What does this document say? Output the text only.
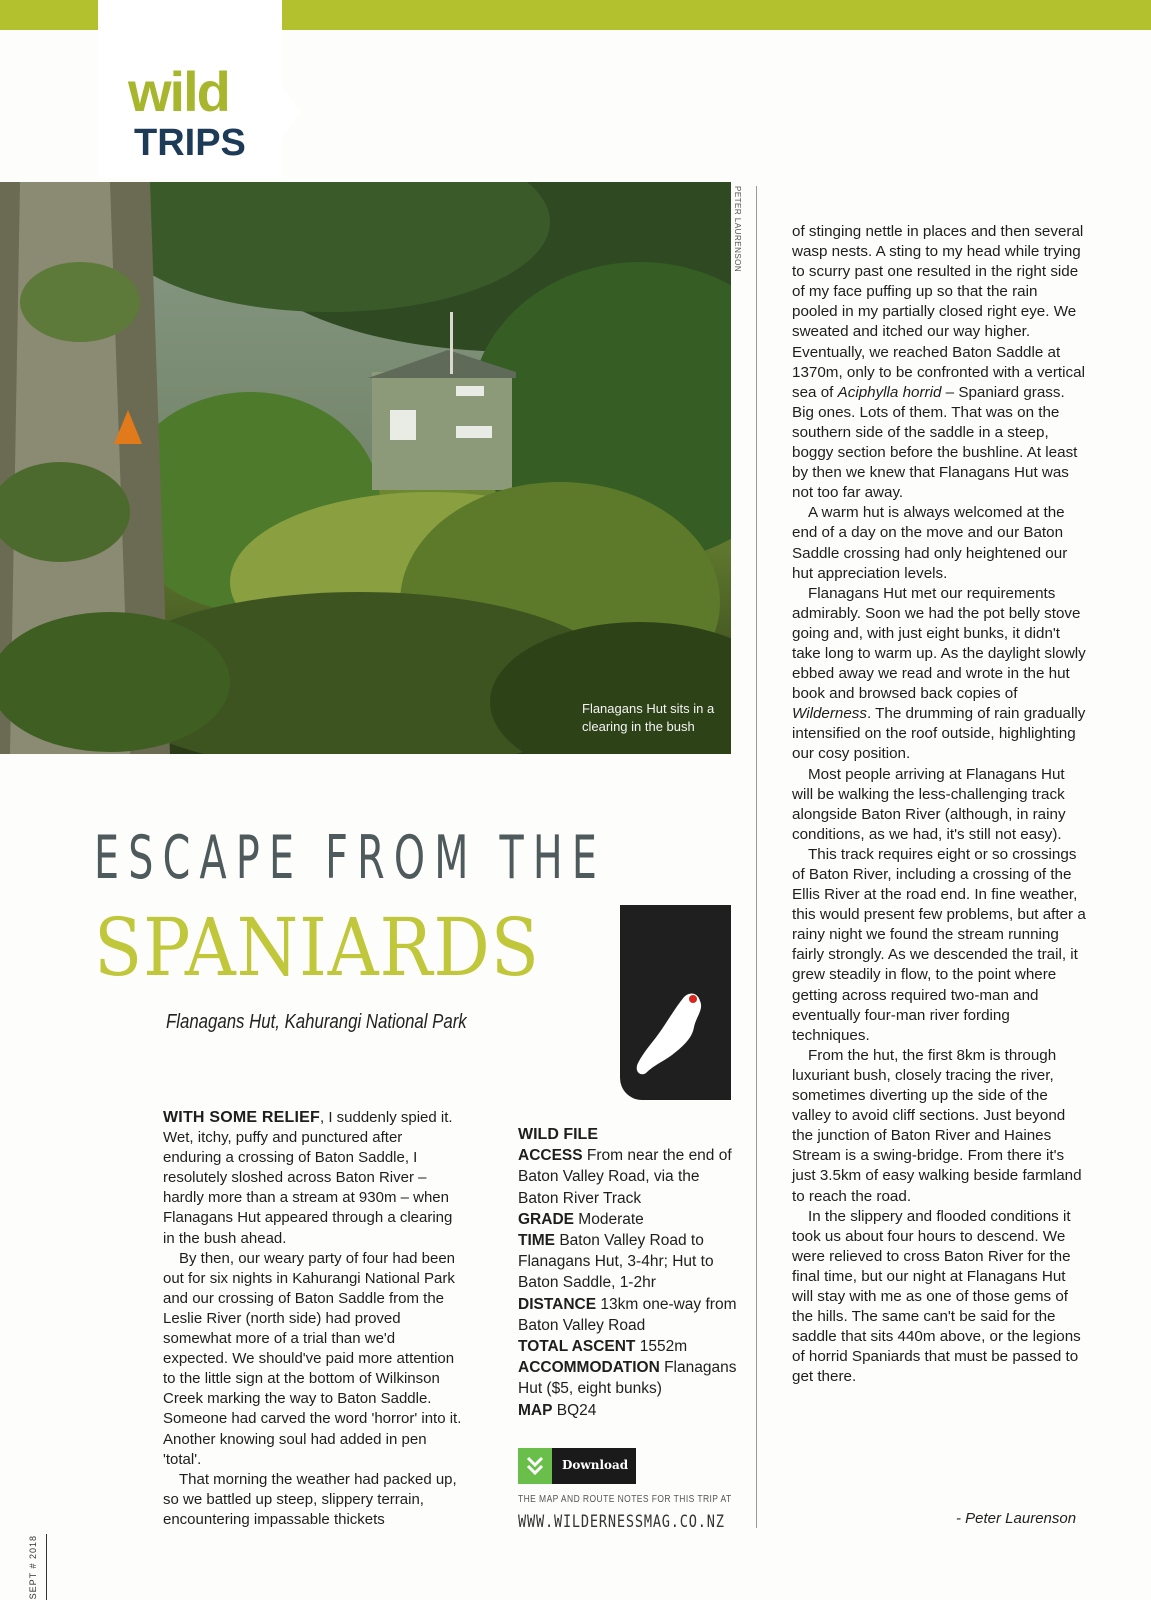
wild
TRIPS
PETER LAURENSON
Flanagans Hut sits in a clearing in the bush
ESCAPE FROM THE
SPANIARDS
Flanagans Hut, Kahurangi National Park

WITH SOME RELIEF, I suddenly spied it. Wet, itchy, puffy and punctured after enduring a crossing of Baton Saddle, I resolutely sloshed across Baton River – hardly more than a stream at 930m – when Flanagans Hut appeared through a clearing in the bush ahead.

By then, our weary party of four had been out for six nights in Kahurangi National Park and our crossing of Baton Saddle from the Leslie River (north side) had proved somewhat more of a trial than we'd expected. We should've paid more attention to the little sign at the bottom of Wilkinson Creek marking the way to Baton Saddle. Someone had carved the word 'horror' into it. Another knowing soul had added in pen 'total'.

That morning the weather had packed up, so we battled up steep, slippery terrain, encountering impassable thickets

WILD FILE

ACCESS From near the end of Baton Valley Road, via the Baton River Track

GRADE Moderate

TIME Baton Valley Road to Flanagans Hut, 3-4hr; Hut to Baton Saddle, 1-2hr

DISTANCE 13km one-way from Baton Valley Road

TOTAL ASCENT 1552m

ACCOMMODATION Flanagans Hut ($5, eight bunks)

MAP BQ24

Download
THE MAP AND ROUTE NOTES FOR THIS TRIP AT
WWW.WILDERNESSMAG.CO.NZ

of stinging nettle in places and then several wasp nests. A sting to my head while trying to scurry past one resulted in the right side of my face puffing up so that the rain pooled in my partially closed right eye. We sweated and itched our way higher. Eventually, we reached Baton Saddle at 1370m, only to be confronted with a vertical sea of Aciphylla horrid – Spaniard grass. Big ones. Lots of them. That was on the southern side of the saddle in a steep, boggy section before the bushline. At least by then we knew that Flanagans Hut was not too far away.

A warm hut is always welcomed at the end of a day on the move and our Baton Saddle crossing had only heightened our hut appreciation levels.

Flanagans Hut met our requirements admirably. Soon we had the pot belly stove going and, with just eight bunks, it didn't take long to warm up. As the daylight slowly ebbed away we read and wrote in the hut book and browsed back copies of Wilderness. The drumming of rain gradually intensified on the roof outside, highlighting our cosy position.

Most people arriving at Flanagans Hut will be walking the less-challenging track alongside Baton River (although, in rainy conditions, as we had, it's still not easy).

This track requires eight or so crossings of Baton River, including a crossing of the Ellis River at the road end. In fine weather, this would present few problems, but after a rainy night we found the stream running fairly strongly. As we descended the trail, it grew steadily in flow, to the point where getting across required two-man and eventually four-man river fording techniques.

From the hut, the first 8km is through luxuriant bush, closely tracing the river, sometimes diverting up the side of the valley to avoid cliff sections. Just beyond the junction of Baton River and Haines Stream is a swing-bridge. From there it's just 3.5km of easy walking beside farmland to reach the road.

In the slippery and flooded conditions it took us about four hours to descend. We were relieved to cross Baton River for the final time, but our night at Flanagans Hut will stay with me as one of those gems of the hills. The same can't be said for the saddle that sits 440m above, or the legions of horrid Spaniards that must be passed to get there.

- Peter Laurenson
SEPT # 2018
